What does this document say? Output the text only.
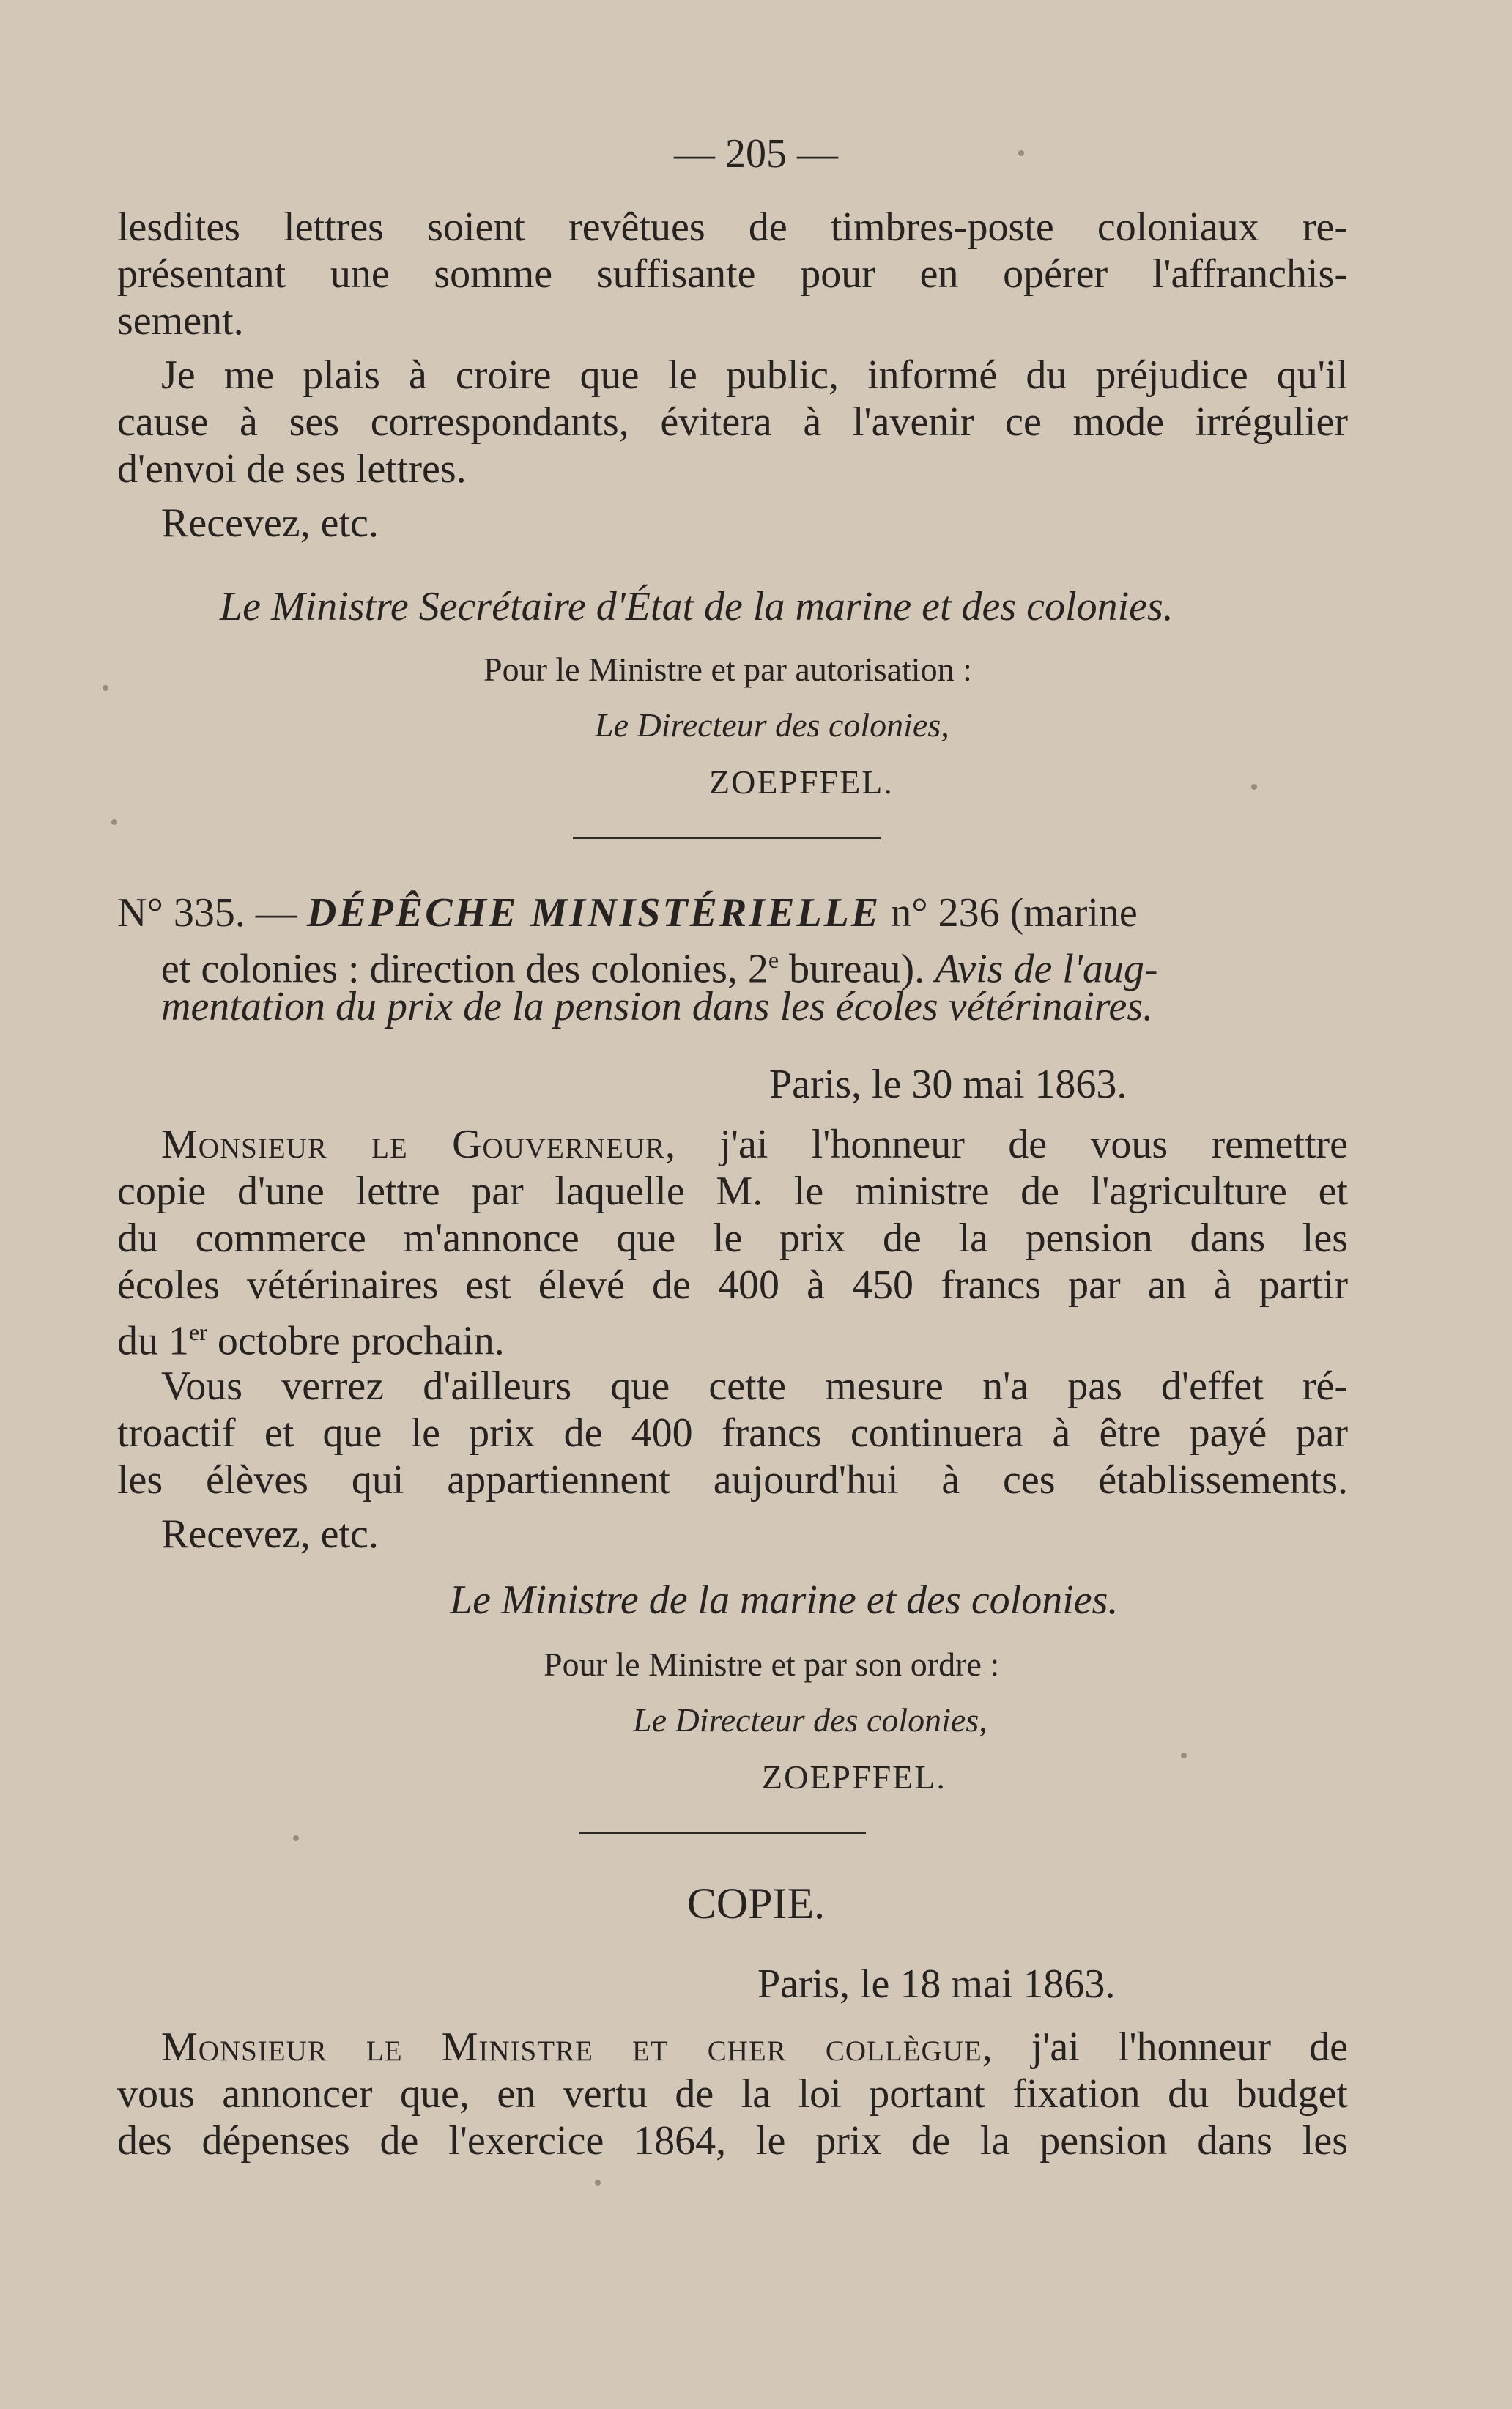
— 205 —
lesdites lettres soient revêtues de timbres-poste coloniaux re-
présentant une somme suffisante pour en opérer l'affranchis-
sement.
Je me plais à croire que le public, informé du préjudice qu'il
cause à ses correspondants, évitera à l'avenir ce mode irrégulier
d'envoi de ses lettres.
Recevez, etc.
Le Ministre Secrétaire d'État de la marine et des colonies.
Pour le Ministre et par autorisation :
Le Directeur des colonies,
ZOEPFFEL.
N° 335. — DÉPÊCHE MINISTÉRIELLE n° 236 (marine
et colonies : direction des colonies, 2e bureau). Avis de l'aug-
mentation du prix de la pension dans les écoles vétérinaires.
Paris, le 30 mai 1863.
Monsieur le Gouverneur, j'ai l'honneur de vous remettre
copie d'une lettre par laquelle M. le ministre de l'agriculture et
du commerce m'annonce que le prix de la pension dans les
écoles vétérinaires est élevé de 400 à 450 francs par an à partir
du 1er octobre prochain.
Vous verrez d'ailleurs que cette mesure n'a pas d'effet ré-
troactif et que le prix de 400 francs continuera à être payé par
les élèves qui appartiennent aujourd'hui à ces établissements.
Recevez, etc.
Le Ministre de la marine et des colonies.
Pour le Ministre et par son ordre :
Le Directeur des colonies,
ZOEPFFEL.
COPIE.
Paris, le 18 mai 1863.
Monsieur le Ministre et cher collègue, j'ai l'honneur de
vous annoncer que, en vertu de la loi portant fixation du budget
des dépenses de l'exercice 1864, le prix de la pension dans les
